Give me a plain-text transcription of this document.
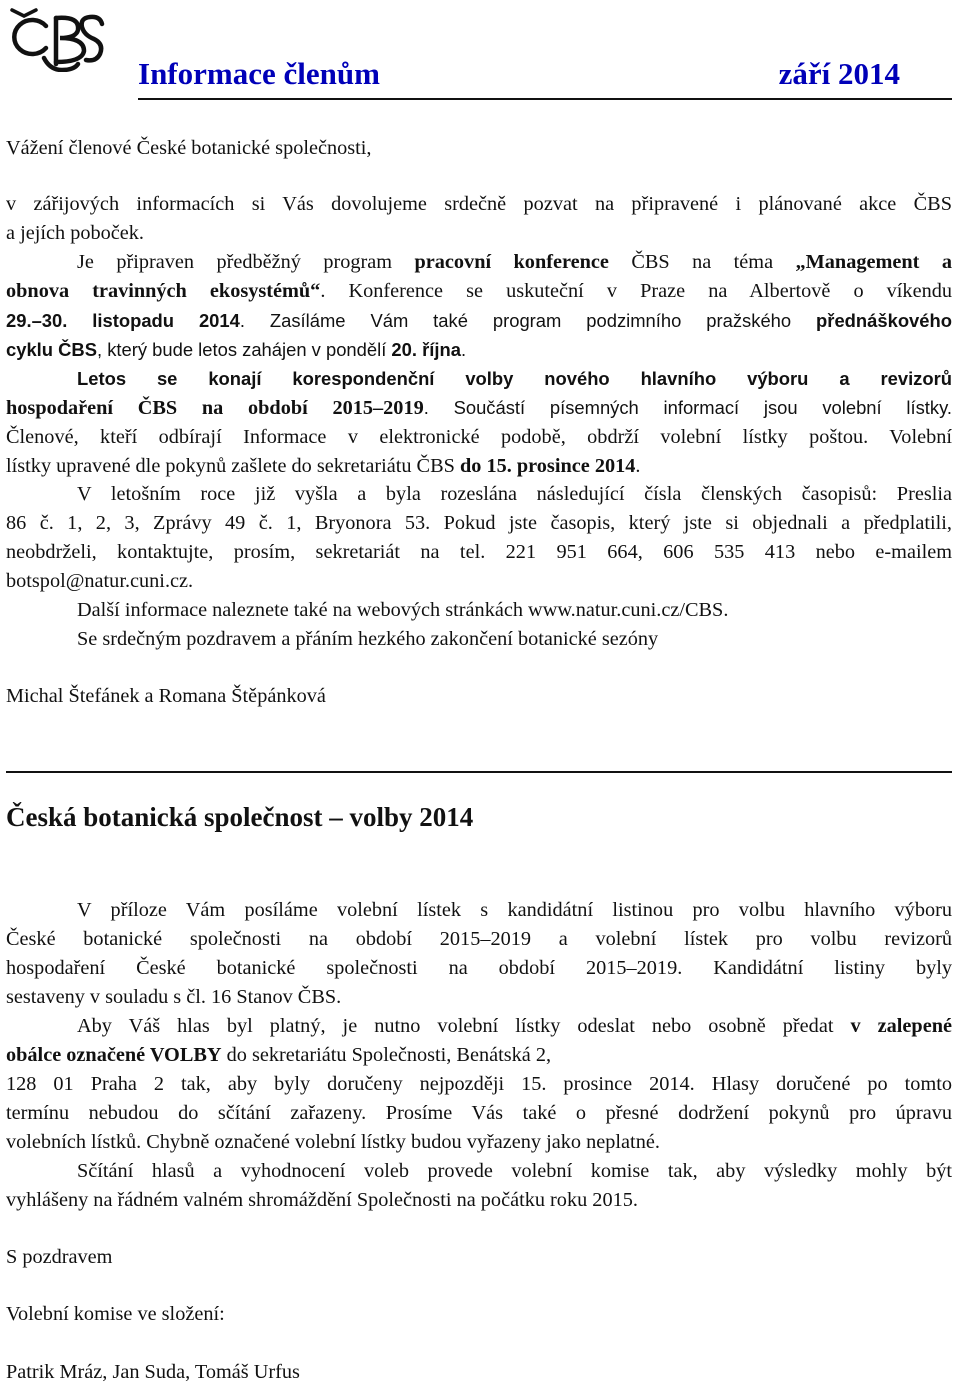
Informace členům	září 2014
Vážení členové České botanické společnosti,
v zářijových informacích si Vás dovolujeme srdečně pozvat na připravené i plánované akce ČBS
a jejích poboček.
Je připraven předběžný program pracovní konference ČBS na téma „Management a
obnova travinných ekosystémů“. Konference se uskuteční v Praze na Albertově o víkendu
29.–30. listopadu 2014. Zasíláme Vám také program podzimního pražského přednáškového
cyklu ČBS, který bude letos zahájen v pondělí 20. října.
Letos se konají korespondenční volby nového hlavního výboru a revizorů
hospodaření ČBS na období 2015–2019. Součástí písemných informací jsou volební lístky.
Členové, kteří odbírají Informace v elektronické podobě, obdrží volební lístky poštou. Volební
lístky upravené dle pokynů zašlete do sekretariátu ČBS do 15. prosince 2014.
V letošním roce již vyšla a byla rozeslána následující čísla členských časopisů: Preslia
86 č. 1, 2, 3, Zprávy 49 č. 1, Bryonora 53. Pokud jste časopis, který jste si objednali a předplatili,
neobdrželi, kontaktujte, prosím, sekretariát na tel. 221 951 664, 606 535 413 nebo e-mailem
botspol@natur.cuni.cz.
Další informace naleznete také na webových stránkách www.natur.cuni.cz/CBS.
Se srdečným pozdravem a přáním hezkého zakončení botanické sezóny
Michal Štefánek a Romana Štěpánková
Česká botanická společnost – volby 2014
V příloze Vám posíláme volební lístek s kandidátní listinou pro volbu hlavního výboru
České botanické společnosti na období 2015–2019 a volební lístek pro volbu revizorů
hospodaření České botanické společnosti na období 2015–2019. Kandidátní listiny byly
sestaveny v souladu s čl. 16 Stanov ČBS.
Aby Váš hlas byl platný, je nutno volební lístky odeslat nebo osobně předat v zalepené
obálce označené VOLBY do sekretariátu Společnosti, Benátská 2,
128 01 Praha 2 tak, aby byly doručeny nejpozději 15. prosince 2014. Hlasy doručené po tomto
termínu nebudou do sčítání zařazeny. Prosíme Vás také o přesné dodržení pokynů pro úpravu
volebních lístků. Chybně označené volební lístky budou vyřazeny jako neplatné.
Sčítání hlasů a vyhodnocení voleb provede volební komise tak, aby výsledky mohly být
vyhlášeny na řádném valném shromáždění Společnosti na počátku roku 2015.
S pozdravem
Volební komise ve složení:
Patrik Mráz, Jan Suda, Tomáš Urfus
